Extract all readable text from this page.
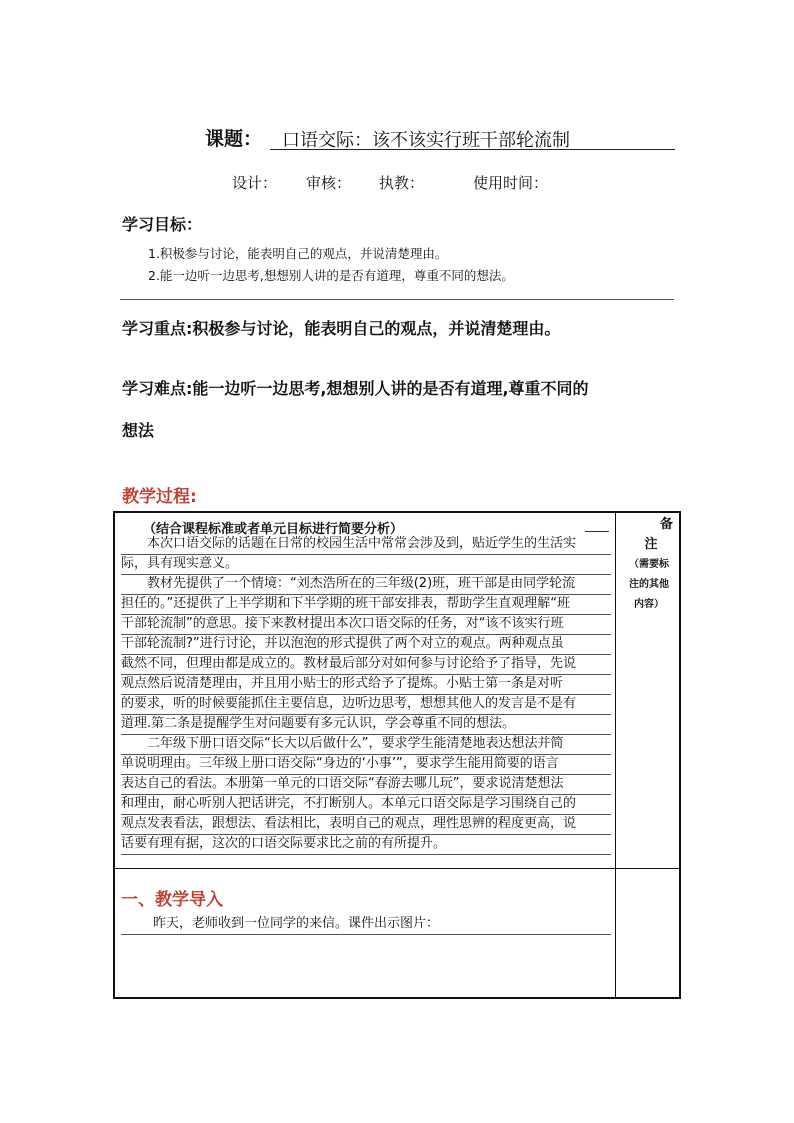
课题：	口语交际：该不该实行班干部轮流制
设计： 审核： 执教：	使用时间：
学习目标：
1.积极参与讨论，能表明自己的观点，并说清楚理由。
2.能一边听一边思考,想想别人讲的是否有道理，尊重不同的想法。
学习重点:积极参与讨论，能表明自己的观点，并说清楚理由。
学习难点:能一边听一边思考,想想别人讲的是否有道理,尊重不同的
想法
教学过程:
（结合课程标准或者单元目标进行简要分析）
　　本次口语交际的话题在日常的校园生活中常常会涉及到，贴近学生的生活实
际，具有现实意义。
　　教材先提供了一个情境：“刘杰浩所在的三年级(2)班，班干部是由同学轮流
担任的。”还提供了上半学期和下半学期的班干部安排表，帮助学生直观理解“班
干部轮流制”的意思。接下来教材提出本次口语交际的任务，对“该不该实行班
干部轮流制?”进行讨论，并以泡泡的形式提供了两个对立的观点。两种观点虽
截然不同，但理由都是成立的。教材最后部分对如何参与讨论给予了指导，先说
观点然后说清楚理由，并且用小贴士的形式给予了提炼。小贴士第一条是对听
的要求，听的时候要能抓住主要信息，边听边思考，想想其他人的发言是不是有
道理.第二条是提醒学生对问题要有多元认识，学会尊重不同的想法。
　　二年级下册口语交际“长大以后做什么”，要求学生能清楚地表达想法并简
单说明理由。三年级上册口语交际“身边的‘小事’”，要求学生能用简要的语言
表达自己的看法。本册第一单元的口语交际“春游去哪儿玩”，要求说清楚想法
和理由，耐心听别人把话讲完，不打断别人。本单元口语交际是学习围绕自己的
观点发表看法，跟想法、看法相比，表明自己的观点，理性思辨的程度更高，说
话要有理有据，这次的口语交际要求比之前的有所提升。
备
注
（需要标
注的其他
内容）
一、教学导入
昨天，老师收到一位同学的来信。课件出示图片：
